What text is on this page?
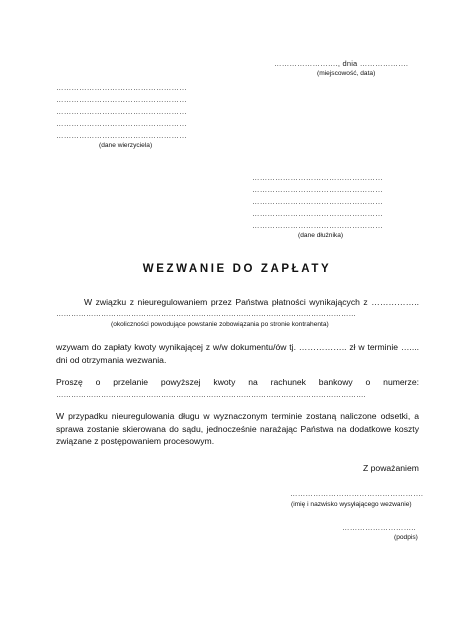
……………………., dnia ……………….
(miejscowość, data)
……………………………………………
……………………………………………
……………………………………………
……………………………………………
……………………………………………
(dane wierzyciela)
……………………………………………
……………………………………………
……………………………………………
……………………………………………
……………………………………………
(dane dłużnika)
WEZWANIE DO ZAPŁATY
W związku z nieuregulowaniem przez Państwa płatności wynikających z ……………..
…………………………………………………………………………………………………………
(okoliczności powodujące powstanie zobowiązania po stronie kontrahenta)
wzywam do zapłaty kwoty wynikającej z w/w dokumentu/ów tj. …………….. zł w terminie …....
dni od otrzymania wezwania.
Proszę o przelanie powyższej kwoty na rachunek bankowy o numerze:
…………………………………………………………………………………………………………….
W przypadku nieuregulowania długu w wyznaczonym terminie zostaną naliczone odsetki, a
sprawa zostanie skierowana do sądu, jednocześnie narażając Państwa na dodatkowe koszty
związane z postępowaniem procesowym.
Z poważaniem
…………………………………………….
(imię i nazwisko wysyłającego wezwanie)
………………………..
(podpis)
